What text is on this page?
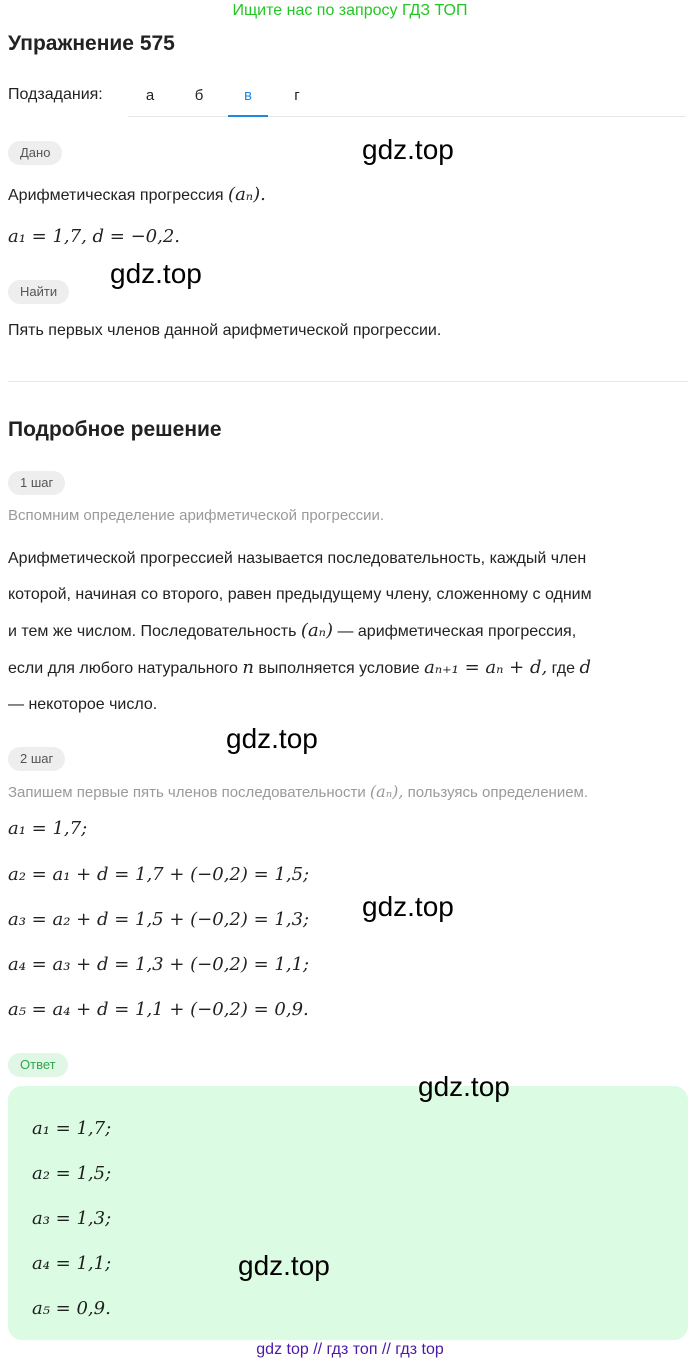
Ищите нас по запросу ГДЗ ТОП
Упражнение 575
Подзадания:	а	б	в	г
Дано
Арифметическая прогрессия (aₙ).
a₁ = 1,7, d = −0,2.
Найти
Пять первых членов данной арифметической прогрессии.
Подробное решение
1 шаг
Вспомним определение арифметической прогрессии.
Арифметической прогрессией называется последовательность, каждый член
которой, начиная со второго, равен предыдущему члену, сложенному с одним
и тем же числом. Последовательность (aₙ) — арифметическая прогрессия,
если для любого натурального n выполняется условие aₙ₊₁ = aₙ + d, где d
— некоторое число.
2 шаг
Запишем первые пять членов последовательности (aₙ), пользуясь определением.
a₁ = 1,7;
a₂ = a₁ + d = 1,7 + (−0,2) = 1,5;
a₃ = a₂ + d = 1,5 + (−0,2) = 1,3;
a₄ = a₃ + d = 1,3 + (−0,2) = 1,1;
a₅ = a₄ + d = 1,1 + (−0,2) = 0,9.
Ответ
a₁ = 1,7;
a₂ = 1,5;
a₃ = 1,3;
a₄ = 1,1;
a₅ = 0,9.
gdz.top
gdz.top
gdz.top
gdz.top
gdz.top
gdz.top
gdz top // гдз топ // гдз top
